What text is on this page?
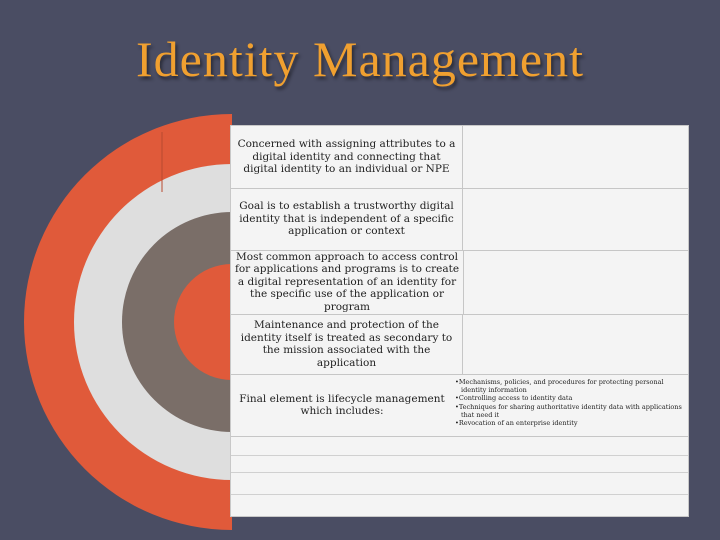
Identity Management
Concerned with assigning attributes to a digital identity and connecting that digital identity to an individual or NPE
Goal is to establish a trustworthy digital identity that is independent of a specific application or context
Most common approach to access control for applications and programs is to create a digital representation of an identity for the specific use of the application or program
Maintenance and protection of the identity itself is treated as secondary to the mission associated with the application
Final element is lifecycle management which includes:
• Mechanisms, policies, and procedures for protecting personal identity information
• Controlling access to identity data
• Techniques for sharing authoritative identity data with applications that need it
• Revocation of an enterprise identity
